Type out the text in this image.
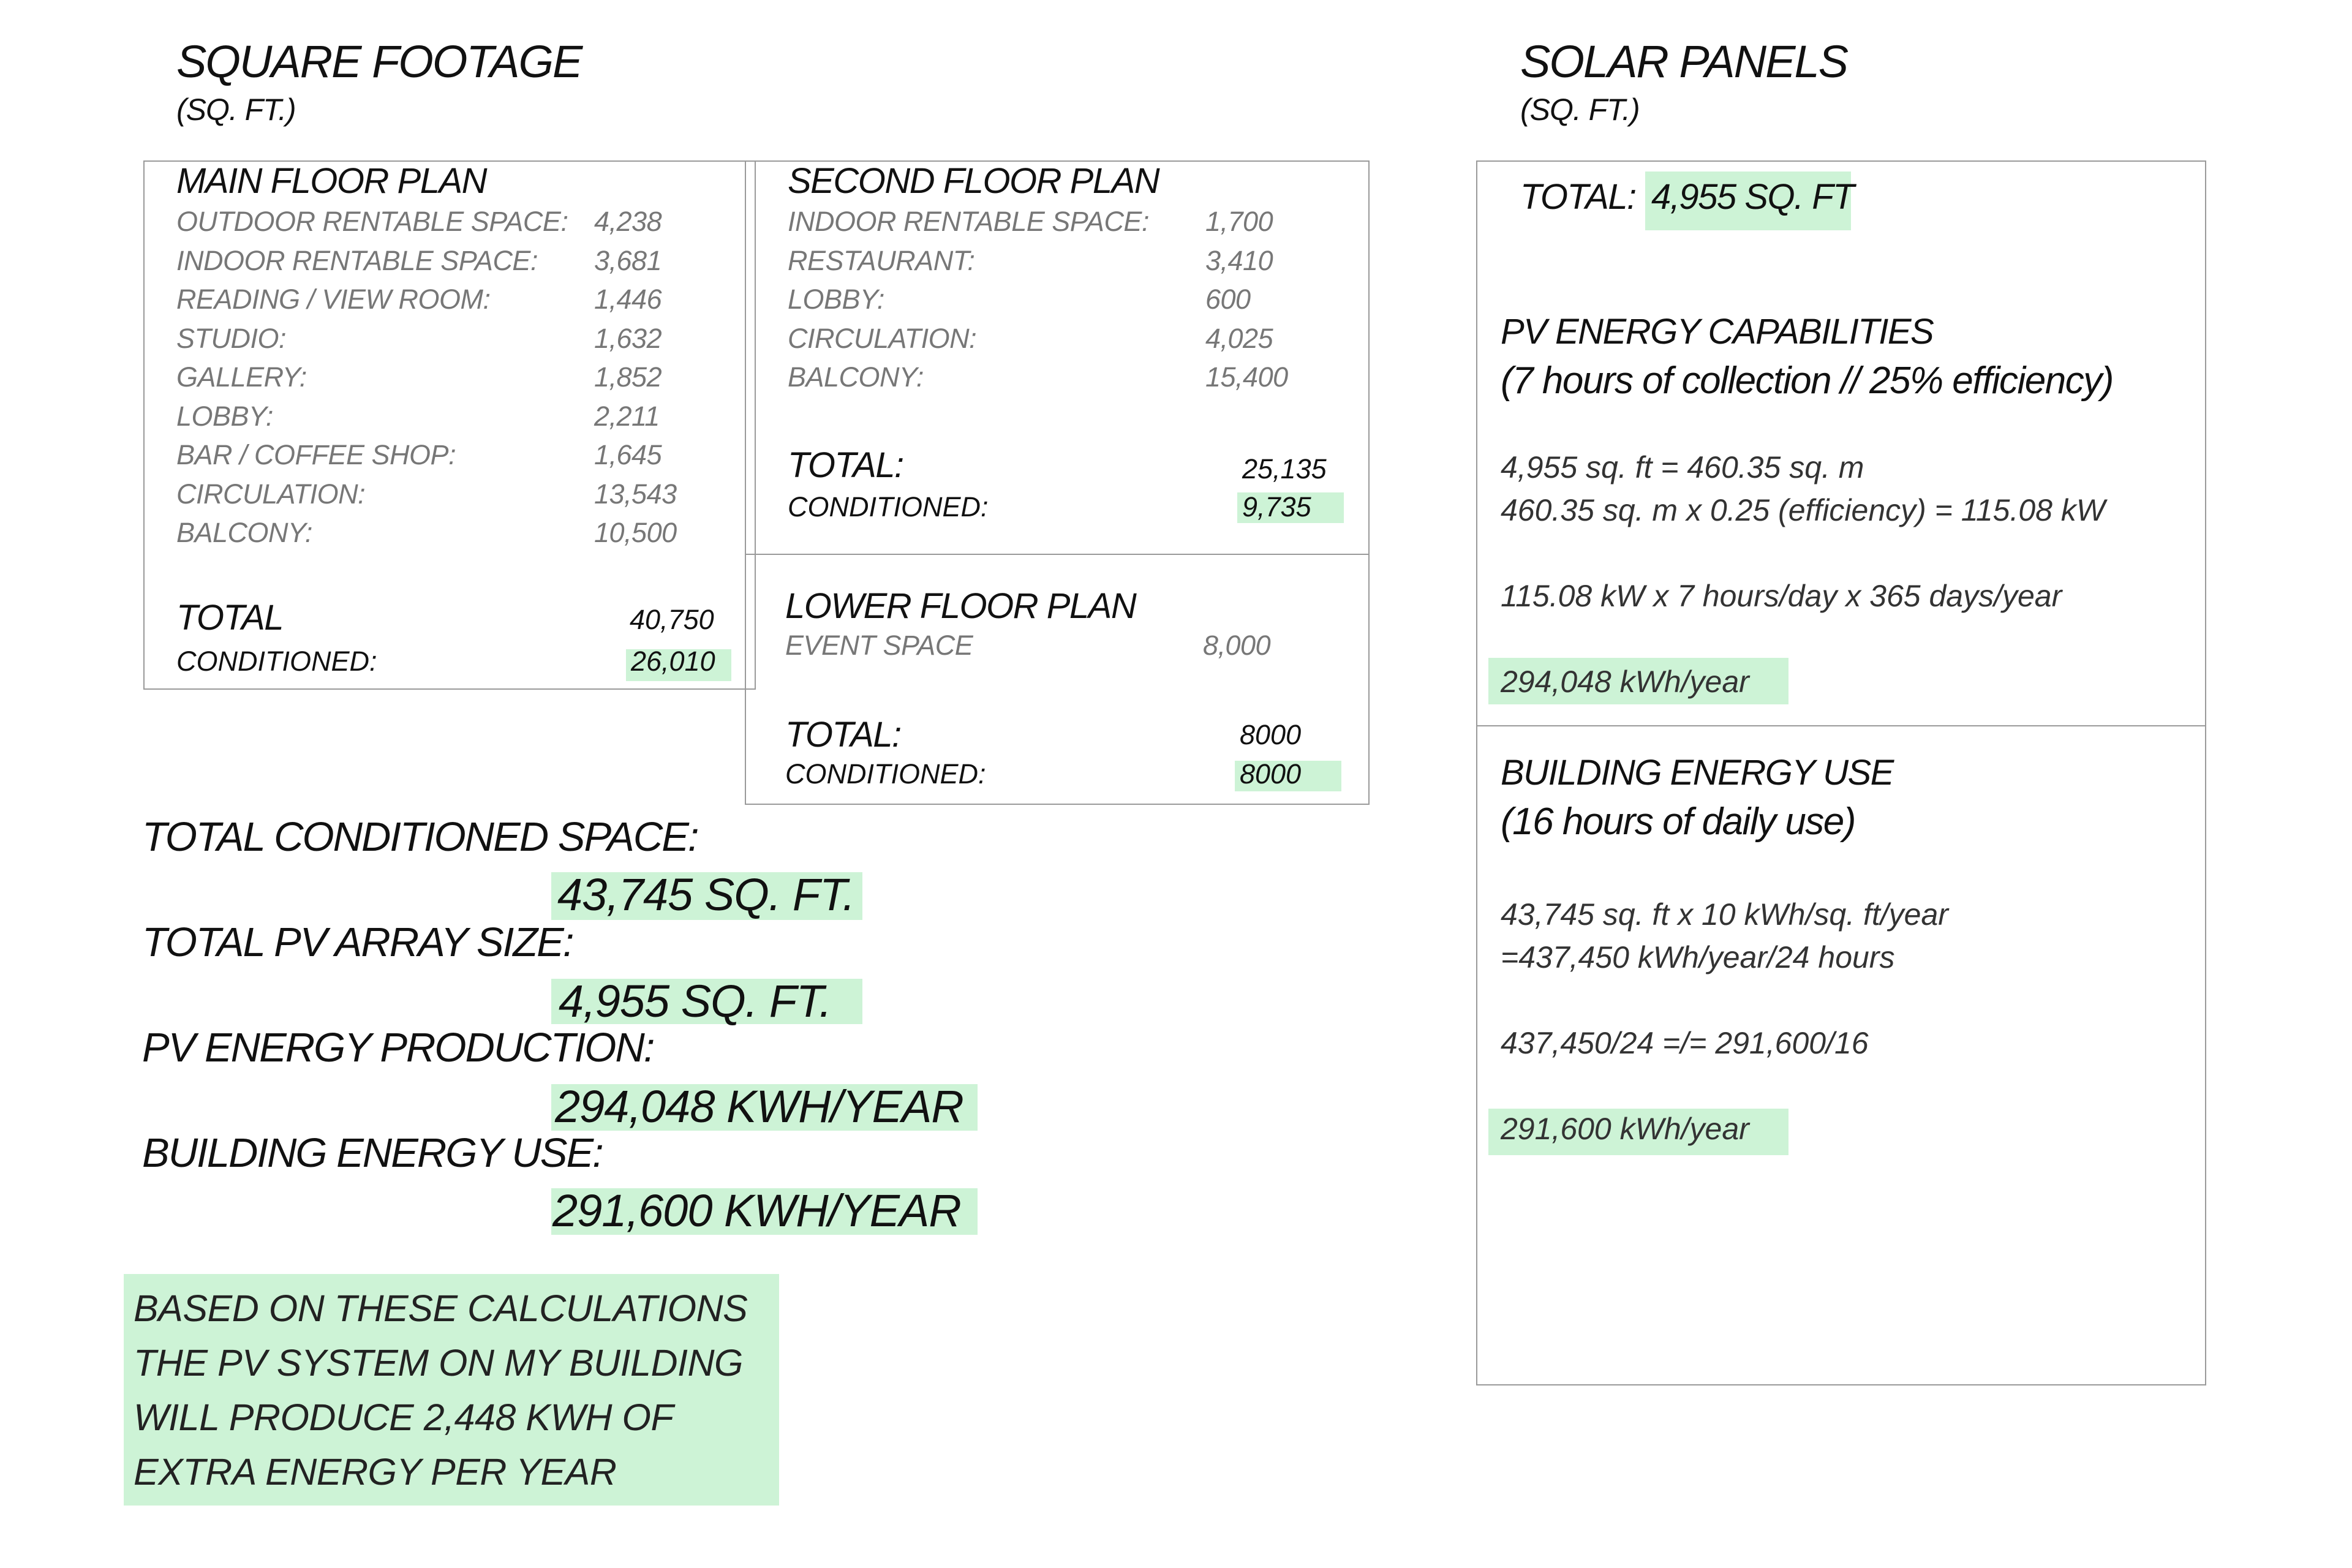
SQUARE FOOTAGE
(SQ. FT.)
MAIN FLOOR PLAN
OUTDOOR RENTABLE SPACE: 4,238
INDOOR RENTABLE SPACE: 3,681
READING / VIEW ROOM:	1,446
STUDIO:	1,632
GALLERY:	1,852
LOBBY:	2,211
BAR / COFFEE SHOP:	1,645
CIRCULATION:	13,543
BALCONY:	10,500
TOTAL	40,750
CONDITIONED:	26,010
SECOND FLOOR PLAN
INDOOR RENTABLE SPACE: 1,700
RESTAURANT:	3,410
LOBBY:	600
CIRCULATION:	4,025
BALCONY:	15,400
TOTAL:	25,135
CONDITIONED:	9,735
LOWER FLOOR PLAN
EVENT SPACE	8,000
TOTAL:	8000
CONDITIONED:	8000
TOTAL CONDITIONED SPACE:
43,745 SQ. FT.
TOTAL PV ARRAY SIZE:
4,955 SQ. FT.
PV ENERGY PRODUCTION:
294,048 KWH/YEAR
BUILDING ENERGY USE:
291,600 KWH/YEAR
BASED ON THESE CALCULATIONS
THE PV SYSTEM ON MY BUILDING
WILL PRODUCE 2,448 KWH OF
EXTRA ENERGY PER YEAR
SOLAR PANELS
(SQ. FT.)
TOTAL: 4,955 SQ. FT
PV ENERGY CAPABILITIES
(7 hours of collection // 25% efficiency)
4,955 sq. ft = 460.35 sq. m
460.35 sq. m x 0.25 (efficiency) = 115.08 kW
115.08 kW x 7 hours/day x 365 days/year
294,048 kWh/year
BUILDING ENERGY USE
(16 hours of daily use)
43,745 sq. ft x 10 kWh/sq. ft/year
=437,450 kWh/year/24 hours
437,450/24 =/= 291,600/16
291,600 kWh/year
